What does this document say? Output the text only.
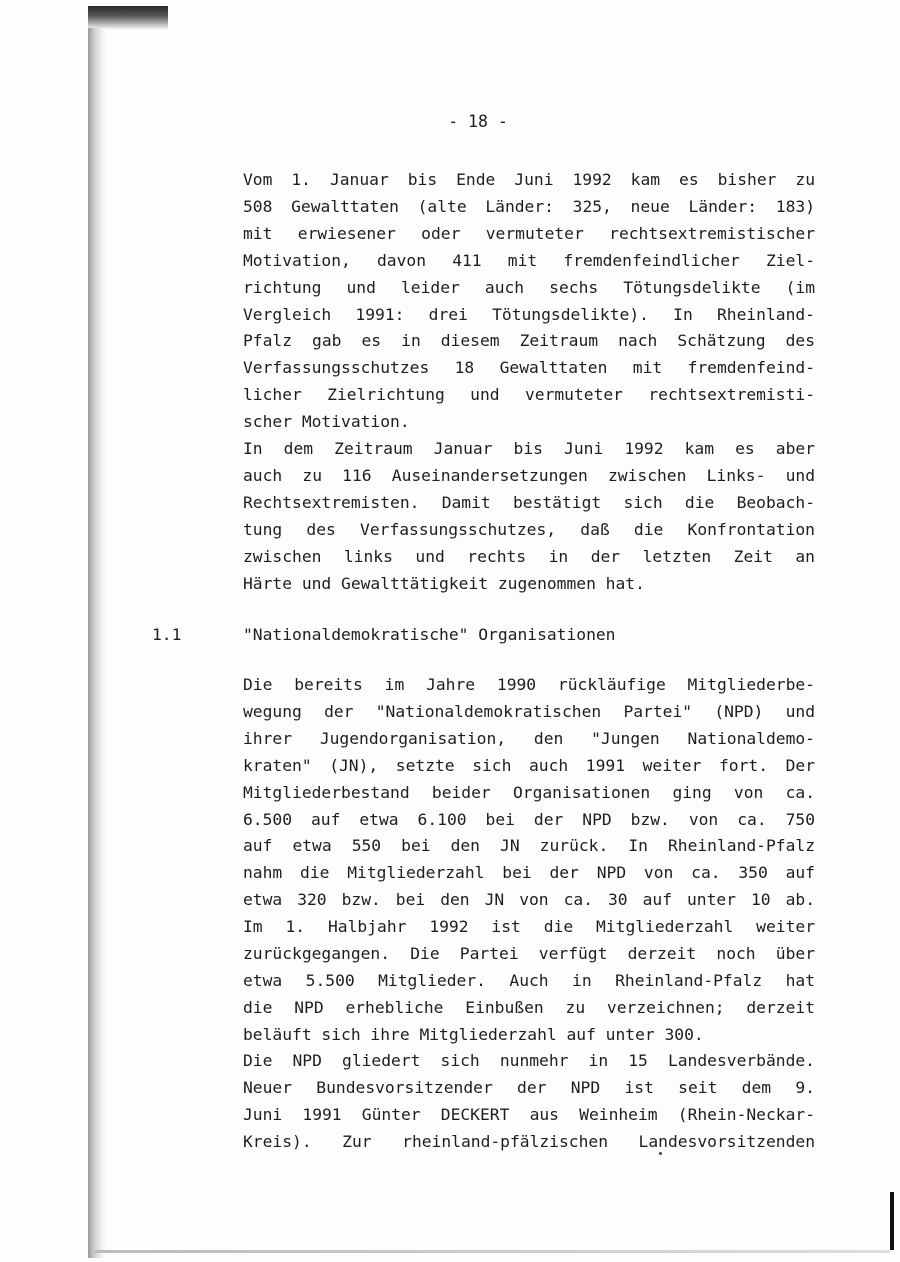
- 18 -
Vom 1. Januar bis Ende Juni 1992 kam es bisher zu
508 Gewalttaten (alte Länder: 325, neue Länder: 183)
mit erwiesener oder vermuteter rechtsextremistischer
Motivation, davon 411 mit fremdenfeindlicher Ziel-
richtung und leider auch sechs Tötungsdelikte (im
Vergleich 1991: drei Tötungsdelikte). In Rheinland-
Pfalz gab es in diesem Zeitraum nach Schätzung des
Verfassungsschutzes 18 Gewalttaten mit fremdenfeind-
licher Zielrichtung und vermuteter rechtsextremisti-
scher Motivation.
In dem Zeitraum Januar bis Juni 1992 kam es aber
auch zu 116 Auseinandersetzungen zwischen Links- und
Rechtsextremisten. Damit bestätigt sich die Beobach-
tung des Verfassungsschutzes, daß die Konfrontation
zwischen links und rechts in der letzten Zeit an
Härte und Gewalttätigkeit zugenommen hat.
1.1	"Nationaldemokratische" Organisationen
Die bereits im Jahre 1990 rückläufige Mitgliederbe-
wegung der "Nationaldemokratischen Partei" (NPD) und
ihrer Jugendorganisation, den "Jungen Nationaldemo-
kraten" (JN), setzte sich auch 1991 weiter fort. Der
Mitgliederbestand beider Organisationen ging von ca.
6.500 auf etwa 6.100 bei der NPD bzw. von ca. 750
auf etwa 550 bei den JN zurück. In Rheinland-Pfalz
nahm die Mitgliederzahl bei der NPD von ca. 350 auf
etwa 320 bzw. bei den JN von ca. 30 auf unter 10 ab.
Im 1. Halbjahr 1992 ist die Mitgliederzahl weiter
zurückgegangen. Die Partei verfügt derzeit noch über
etwa 5.500 Mitglieder. Auch in Rheinland-Pfalz hat
die NPD erhebliche Einbußen zu verzeichnen; derzeit
beläuft sich ihre Mitgliederzahl auf unter 300.
Die NPD gliedert sich nunmehr in 15 Landesverbände.
Neuer Bundesvorsitzender der NPD ist seit dem 9.
Juni 1991 Günter DECKERT aus Weinheim (Rhein-Neckar-
Kreis). Zur rheinland-pfälzischen Landesvorsitzenden
